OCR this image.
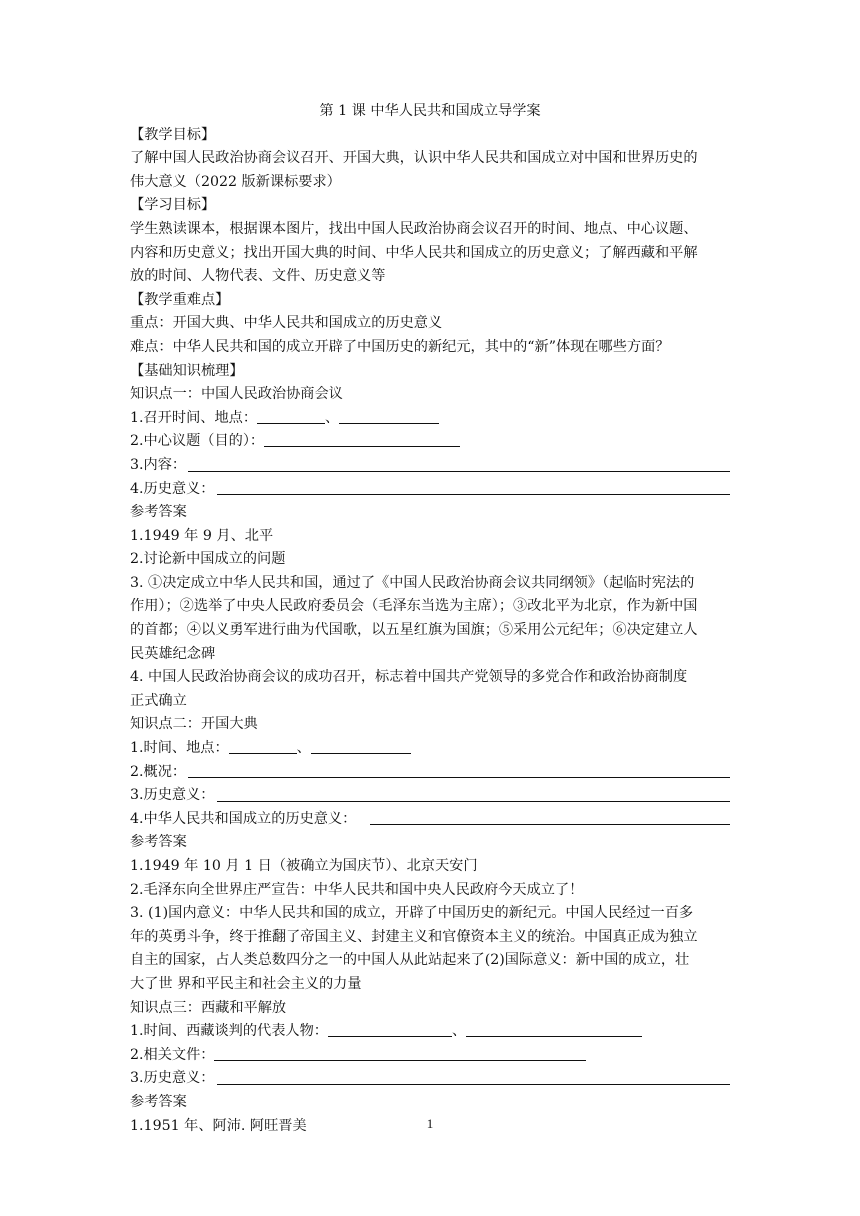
第 1 课 中华人民共和国成立导学案
【教学目标】
了解中国人民政治协商会议召开、开国大典，认识中华人民共和国成立对中国和世界历史的
伟大意义（2022 版新课标要求）
【学习目标】
学生熟读课本，根据课本图片，找出中国人民政治协商会议召开的时间、地点、中心议题、
内容和历史意义；找出开国大典的时间、中华人民共和国成立的历史意义；了解西藏和平解
放的时间、人物代表、文件、历史意义等
【教学重难点】
重点：开国大典、中华人民共和国成立的历史意义
难点：中华人民共和国的成立开辟了中国历史的新纪元，其中的“新”体现在哪些方面？
【基础知识梳理】
知识点一：中国人民政治协商会议
1.召开时间、地点：	、
2.中心议题（目的）：
3.内容：
4.历史意义：
参考答案
1.1949 年 9 月、北平
2.讨论新中国成立的问题
3. ①决定成立中华人民共和国，通过了《中国人民政治协商会议共同纲领》（起临时宪法的
作用）；②选举了中央人民政府委员会（毛泽东当选为主席）；③改北平为北京，作为新中国
的首都；④以义勇军进行曲为代国歌，以五星红旗为国旗；⑤采用公元纪年；⑥决定建立人
民英雄纪念碑
4. 中国人民政治协商会议的成功召开，标志着中国共产党领导的多党合作和政治协商制度
正式确立
知识点二：开国大典
1.时间、地点：	、
2.概况：
3.历史意义：
4.中华人民共和国成立的历史意义：
参考答案
1.1949 年 10 月 1 日（被确立为国庆节）、北京天安门
2.毛泽东向全世界庄严宣告：中华人民共和国中央人民政府今天成立了！
3. (1)国内意义：中华人民共和国的成立，开辟了中国历史的新纪元。中国人民经过一百多
年的英勇斗争，终于推翻了帝国主义、封建主义和官僚资本主义的统治。中国真正成为独立
自主的国家，占人类总数四分之一的中国人从此站起来了(2)国际意义：新中国的成立，壮
大了世 界和平民主和社会主义的力量
知识点三：西藏和平解放
1.时间、西藏谈判的代表人物：	、
2.相关文件：
3.历史意义：
参考答案
1.1951 年、阿沛. 阿旺晋美	1
